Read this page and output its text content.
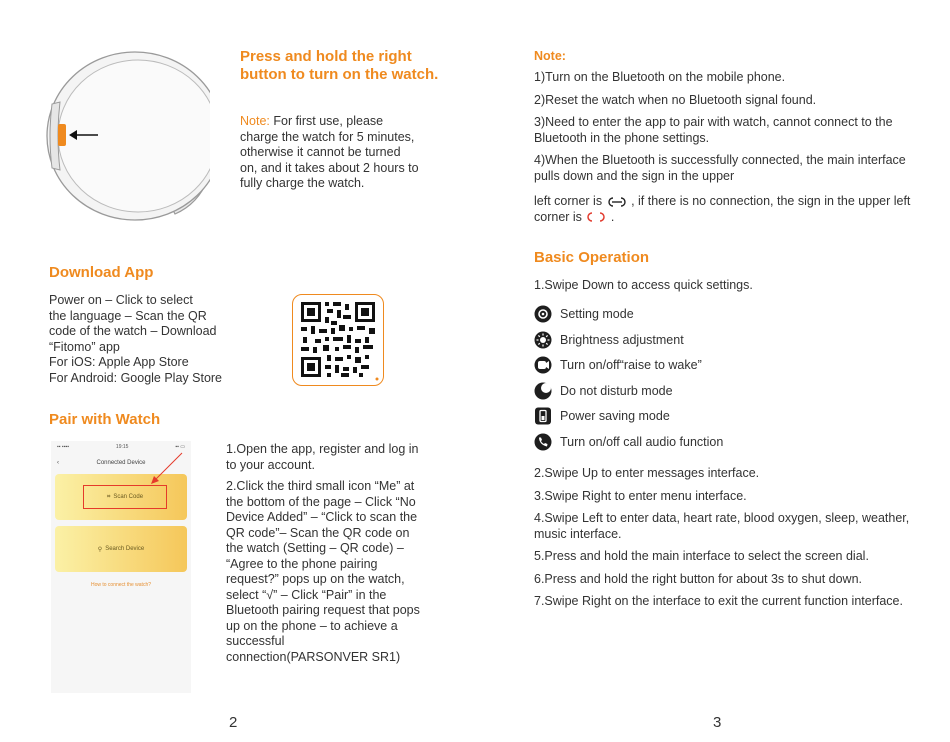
Press and hold the right button to turn on the watch.
Note: For first use, please charge the watch for 5 minutes, otherwise it cannot be turned on, and it takes about 2 hours to fully charge the watch.
Download App

Power on – Click to select

the language – Scan the QR

code of the watch – Download

“Fitomo” app

For iOS: Apple App Store

For Android: Google Play Store

Pair with Watch
▪▪ ▪▪▪▪	19:15	▪▪ ▭
‹	Connected Device
⌗ Scan Code
⚲ Search Device
How to connect the watch?

1.Open the app, register and log in to your account.

2.Click the third small icon “Me” at the bottom of the page – Click “No Device Added” – “Click to scan the QR code”– Scan the QR code on the watch (Setting – QR code) – “Agree to the phone pairing request?” pops up on the watch, select “√” – Click “Pair” in the Bluetooth pairing request that pops up on the phone – to achieve a successful connection(PARSONVER SR1)

2
Note:

1)Turn on the Bluetooth on the mobile phone.

2)Reset the watch when no Bluetooth signal found.

3)Need to enter the app to pair with watch, cannot connect to the Bluetooth in the phone settings.

4)When the Bluetooth is successfully connected, the main interface pulls down and the sign in the upper

left corner is , if there is no connection, the sign in the upper left corner is .

Basic Operation
1.Swipe Down to access quick settings.
Setting mode
Brightness adjustment
Turn on/off“raise to wake”
Do not disturb mode
Power saving mode
Turn on/off call audio function

2.Swipe Up to enter messages interface.

3.Swipe Right to enter menu interface.

4.Swipe Left to enter data, heart rate, blood oxygen, sleep, weather, music interface.

5.Press and hold the main interface to select the screen dial.

6.Press and hold the right button for about 3s to shut down.

7.Swipe Right on the interface to exit the current function interface.

3
